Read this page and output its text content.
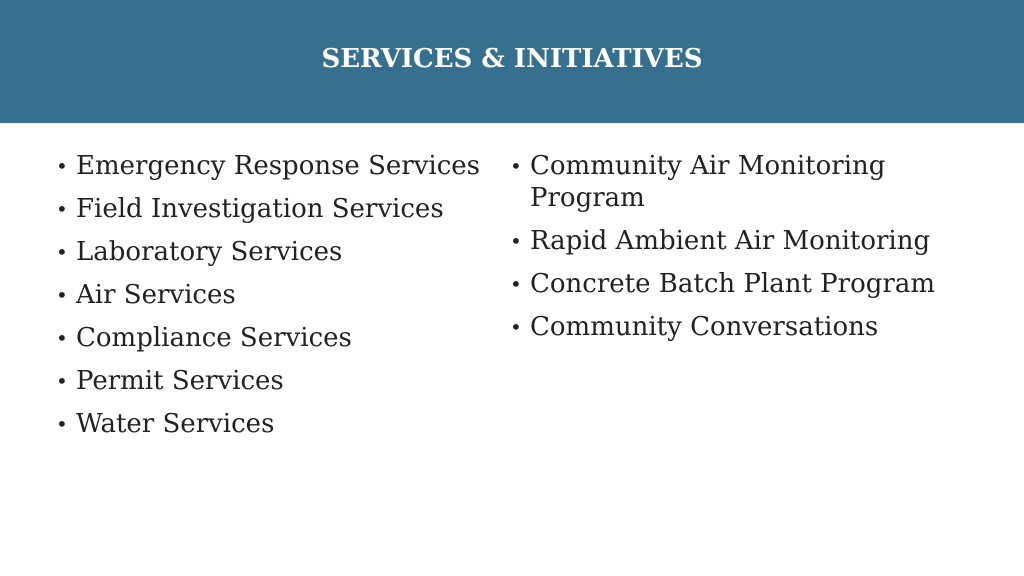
SERVICES & INITIATIVES
• Emergency Response Services
• Field Investigation Services
• Laboratory Services
• Air Services
• Compliance Services
• Permit Services
• Water Services
• Community Air Monitoring Program
• Rapid Ambient Air Monitoring
• Concrete Batch Plant Program
• Community Conversations
